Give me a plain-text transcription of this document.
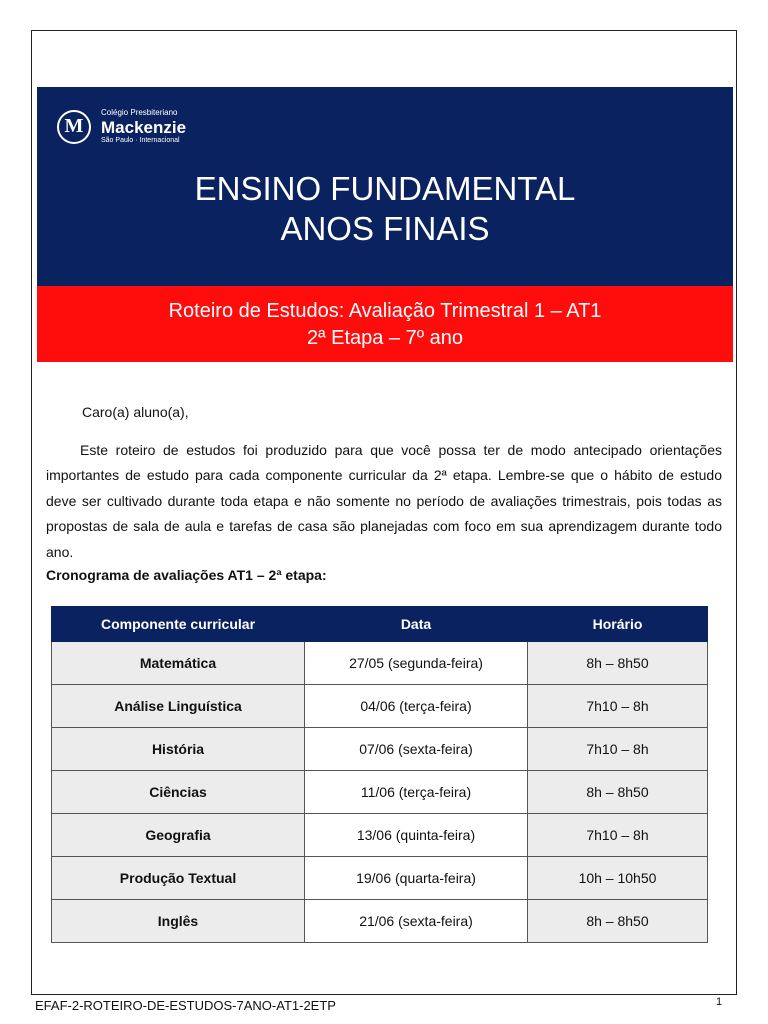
M
Colégio Presbiteriano
Mackenzie
São Paulo · Internacional
ENSINO FUNDAMENTAL
ANOS FINAIS
Roteiro de Estudos: Avaliação Trimestral 1 – AT1
2ª Etapa – 7º ano

Caro(a) aluno(a),

Este roteiro de estudos foi produzido para que você possa ter de modo antecipado orientações importantes de estudo para cada componente curricular da 2ª etapa. Lembre-se que o hábito de estudo deve ser cultivado durante toda etapa e não somente no período de avaliações trimestrais, pois todas as propostas de sala de aula e tarefas de casa são planejadas com foco em sua aprendizagem durante todo ano.

Cronograma de avaliações AT1 – 2ª etapa:
Componente curricular	Data	Horário
Matemática	27/05 (segunda-feira)	8h – 8h50
Análise Linguística	04/06 (terça-feira)	7h10 – 8h
História	07/06 (sexta-feira)	7h10 – 8h
Ciências	11/06 (terça-feira)	8h – 8h50
Geografia	13/06 (quinta-feira)	7h10 – 8h
Produção Textual	19/06 (quarta-feira)	10h – 10h50
Inglês	21/06 (sexta-feira)	8h – 8h50
EFAF-2-ROTEIRO-DE-ESTUDOS-7ANO-AT1-2ETP	1
